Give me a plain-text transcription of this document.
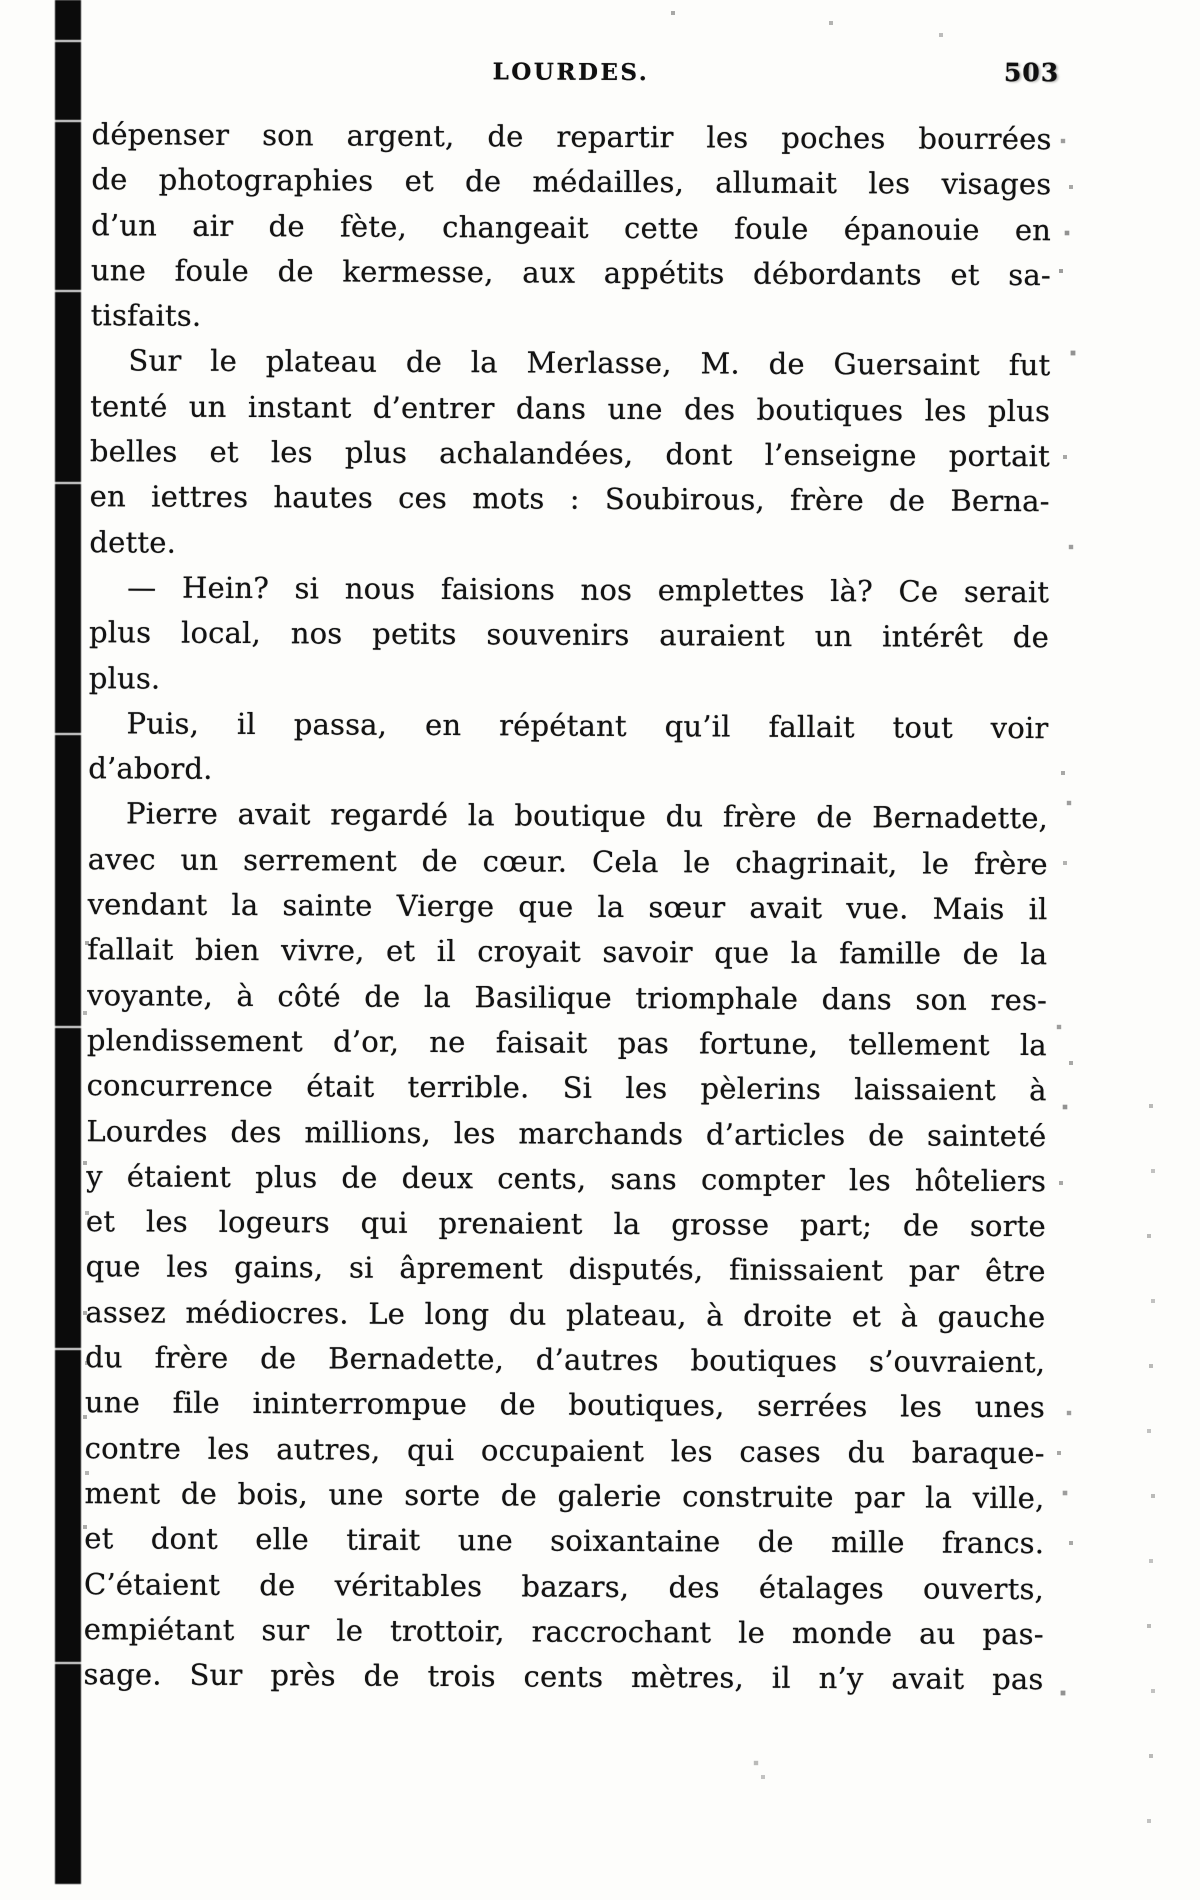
LOURDES.	503
dépenser son argent, de repartir les poches bourrées
de photographies et de médailles, allumait les visages
d’un air de fète, changeait cette foule épanouie en
une foule de kermesse, aux appétits débordants et sa-
tisfaits.
Sur le plateau de la Merlasse, M. de Guersaint fut
tenté un instant d’entrer dans une des boutiques les plus
belles et les plus achalandées, dont l’enseigne portait
en iettres hautes ces mots : Soubirous, frère de Berna-
dette.
— Hein? si nous faisions nos emplettes là? Ce serait
plus local, nos petits souvenirs auraient un intérêt de
plus.
Puis, il passa, en répétant qu’il fallait tout voir
d’abord.
Pierre avait regardé la boutique du frère de Bernadette,
avec un serrement de cœur. Cela le chagrinait, le frère
vendant la sainte Vierge que la sœur avait vue. Mais il
fallait bien vivre, et il croyait savoir que la famille de la
voyante, à côté de la Basilique triomphale dans son res-
plendissement d’or, ne faisait pas fortune, tellement la
concurrence était terrible. Si les pèlerins laissaient à
Lourdes des millions, les marchands d’articles de sainteté
y étaient plus de deux cents, sans compter les hôteliers
et les logeurs qui prenaient la grosse part; de sorte
que les gains, si âprement disputés, finissaient par être
assez médiocres. Le long du plateau, à droite et à gauche
du frère de Bernadette, d’autres boutiques s’ouvraient,
une file ininterrompue de boutiques, serrées les unes
contre les autres, qui occupaient les cases du baraque-
ment de bois, une sorte de galerie construite par la ville,
et dont elle tirait une soixantaine de mille francs.
C’étaient de véritables bazars, des étalages ouverts,
empiétant sur le trottoir, raccrochant le monde au pas-
sage. Sur près de trois cents mètres, il n’y avait pas
